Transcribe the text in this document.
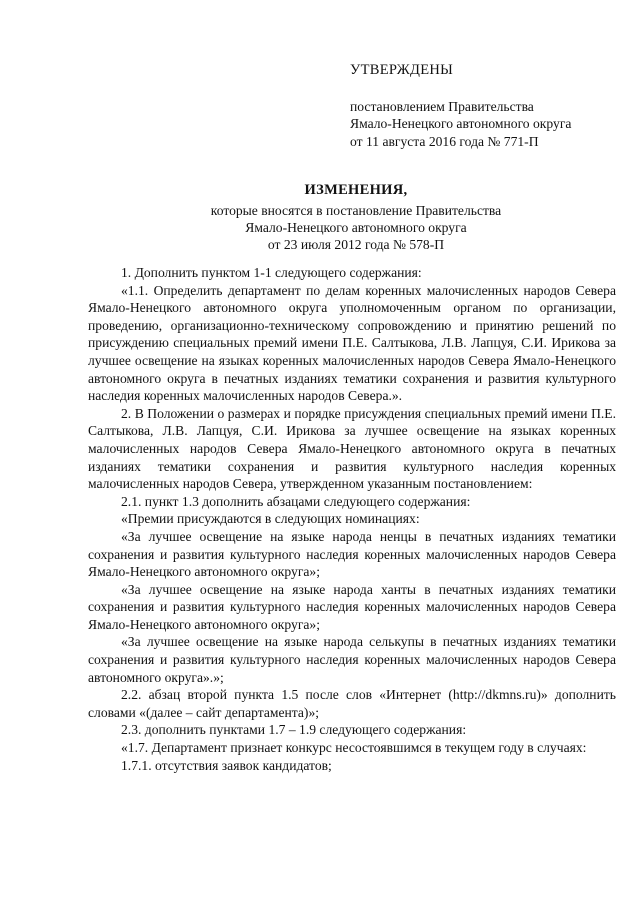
УТВЕРЖДЕНЫ
постановлением Правительства
Ямало-Ненецкого автономного округа
от 11 августа 2016 года № 771-П
ИЗМЕНЕНИЯ,
которые вносятся в постановление Правительства
Ямало-Ненецкого автономного округа
от 23 июля 2012 года № 578-П

1. Дополнить пунктом 1-1 следующего содержания:

«1.1. Определить департамент по делам коренных малочисленных народов Севера Ямало-Ненецкого автономного округа уполномоченным органом по организации, проведению, организационно-техническому сопровождению и принятию решений по присуждению специальных премий имени П.Е. Салтыкова, Л.В. Лапцуя, С.И. Ирикова за лучшее освещение на языках коренных малочисленных народов Севера Ямало-Ненецкого автономного округа в печатных изданиях тематики сохранения и развития культурного наследия коренных малочисленных народов Севера.».

2. В Положении о размерах и порядке присуждения специальных премий имени П.Е. Салтыкова, Л.В. Лапцуя, С.И. Ирикова за лучшее освещение на языках коренных малочисленных народов Севера Ямало-Ненецкого автономного округа в печатных изданиях тематики сохранения и развития культурного наследия коренных малочисленных народов Севера, утвержденном указанным постановлением:

2.1. пункт 1.3 дополнить абзацами следующего содержания:

«Премии присуждаются в следующих номинациях:

«За лучшее освещение на языке народа ненцы в печатных изданиях тематики сохранения и развития культурного наследия коренных малочисленных народов Севера Ямало-Ненецкого автономного округа»;

«За лучшее освещение на языке народа ханты в печатных изданиях тематики сохранения и развития культурного наследия коренных малочисленных народов Севера Ямало-Ненецкого автономного округа»;

«За лучшее освещение на языке народа селькупы в печатных изданиях тематики сохранения и развития культурного наследия коренных малочисленных народов Севера автономного округа».»;

2.2. абзац второй пункта 1.5 после слов «Интернет (http://dkmns.ru)» дополнить словами «(далее – сайт департамента)»;

2.3. дополнить пунктами 1.7 – 1.9 следующего содержания:

«1.7. Департамент признает конкурс несостоявшимся в текущем году в случаях:

1.7.1. отсутствия заявок кандидатов;
